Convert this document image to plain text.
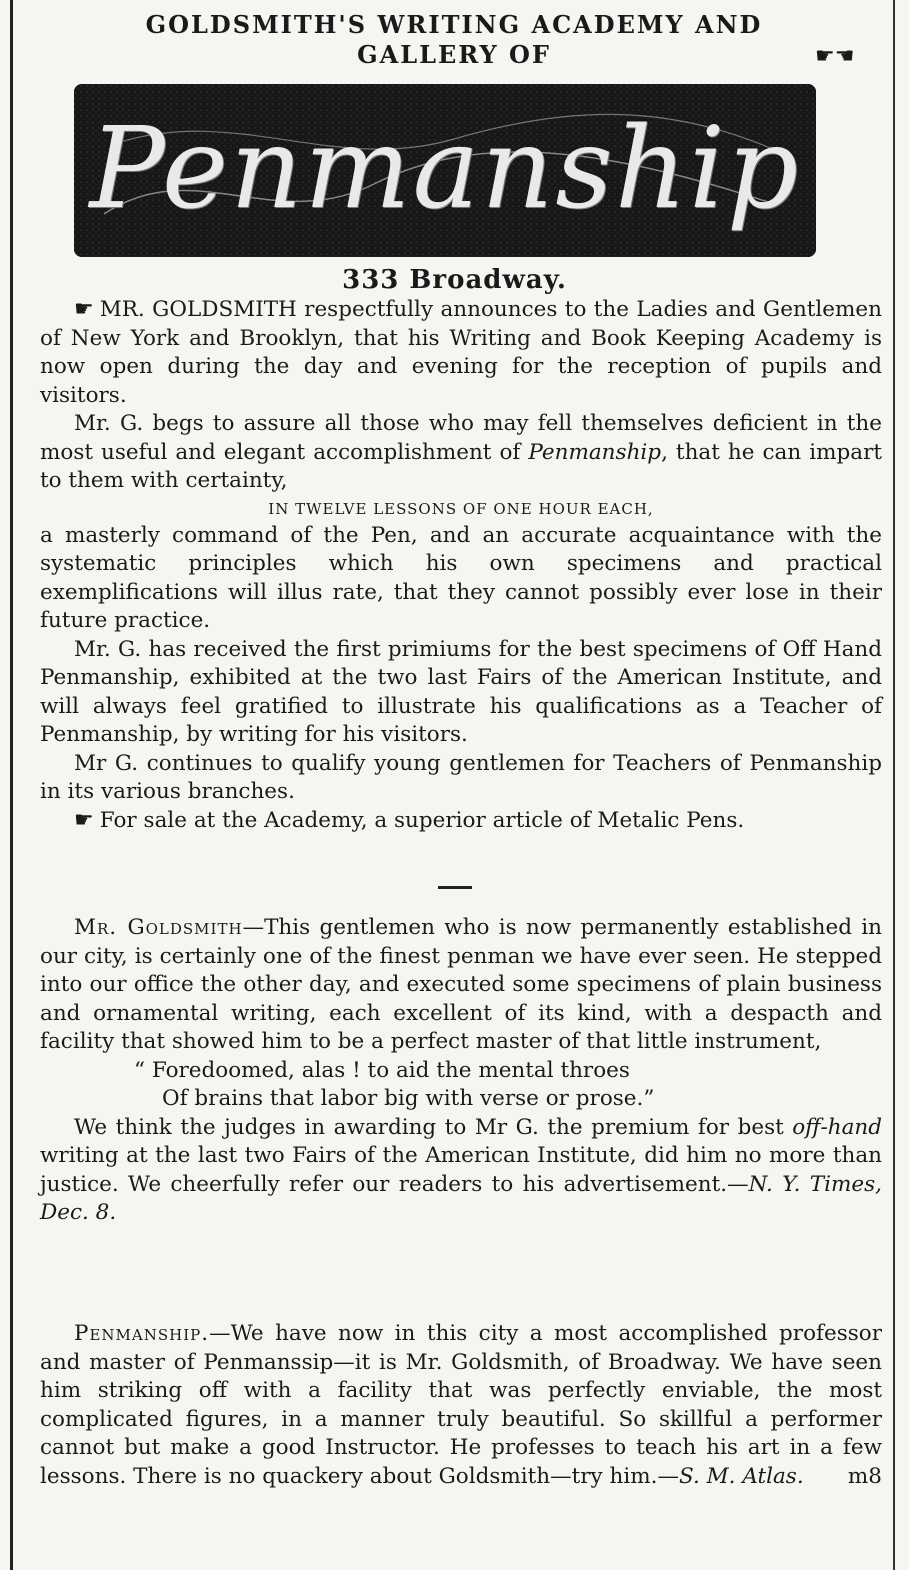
GOLDSMITH'S WRITING ACADEMY AND
GALLERY OF	☛☚
Penmanship
333 Broadway.

☛ MR. GOLDSMITH respectfully announces to the Ladies and Gentlemen of New York and Brooklyn, that his Writing and Book Keeping Academy is now open during the day and evening for the reception of pupils and visitors.

Mr. G. begs to assure all those who may fell themselves deficient in the most useful and elegant accomplishment of Penmanship, that he can impart to them with certainty,

IN TWELVE LESSONS OF ONE HOUR EACH,

a masterly command of the Pen, and an accurate acquaintance with the systematic principles which his own specimens and practical exemplifications will illus rate, that they cannot possibly ever lose in their future practice.

Mr. G. has received the first primiums for the best specimens of Off Hand Penmanship, exhibited at the two last Fairs of the American Institute, and will always feel gratified to illustrate his qualifications as a Teacher of Penmanship, by writing for his visitors.

Mr G. continues to qualify young gentlemen for Teachers of Penmanship in its various branches.

☛ For sale at the Academy, a superior article of Metalic Pens.

Mr. Goldsmith—This gentlemen who is now permanently established in our city, is certainly one of the finest penman we have ever seen. He stepped into our office the other day, and executed some specimens of plain business and ornamental writing, each excellent of its kind, with a despacth and facility that showed him to be a perfect master of that little instrument,

“ Foredoomed, alas ! to aid the mental throes

Of brains that labor big with verse or prose.”

We think the judges in awarding to Mr G. the premium for best off-hand writing at the last two Fairs of the American Institute, did him no more than justice. We cheerfully refer our readers to his advertisement.—N. Y. Times, Dec. 8.

Penmanship.—We have now in this city a most accomplished professor and master of Penmanssip—it is Mr. Goldsmith, of Broadway. We have seen him striking off with a facility that was perfectly enviable, the most complicated figures, in a manner truly beautiful. So skillful a performer cannot but make a good Instructor. He professes to teach his art in a few lessons. There is no quackery about Goldsmith—try him.—S. M. Atlas.	m8
